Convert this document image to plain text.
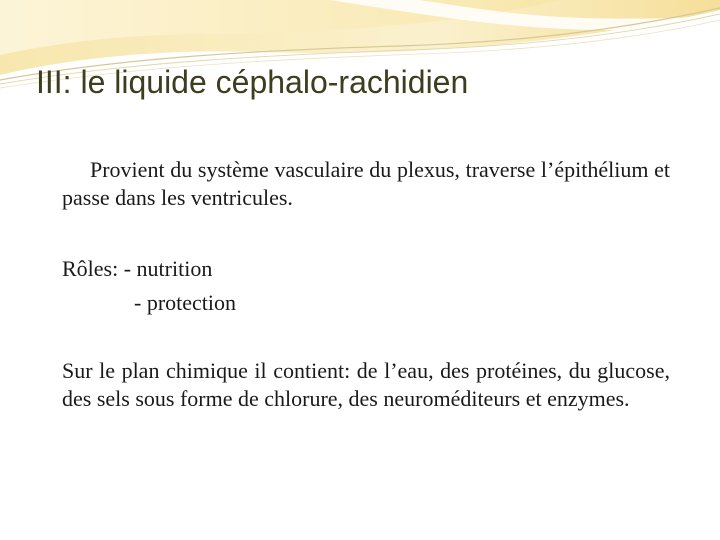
III: le liquide céphalo-rachidien

Provient du système vasculaire du plexus, traverse l’épithélium et passe dans les ventricules.

Rôles: - nutrition
- protection

Sur le plan chimique il contient: de l’eau, des protéines, du glucose, des sels sous forme de chlorure, des neuroméditeurs et enzymes.
